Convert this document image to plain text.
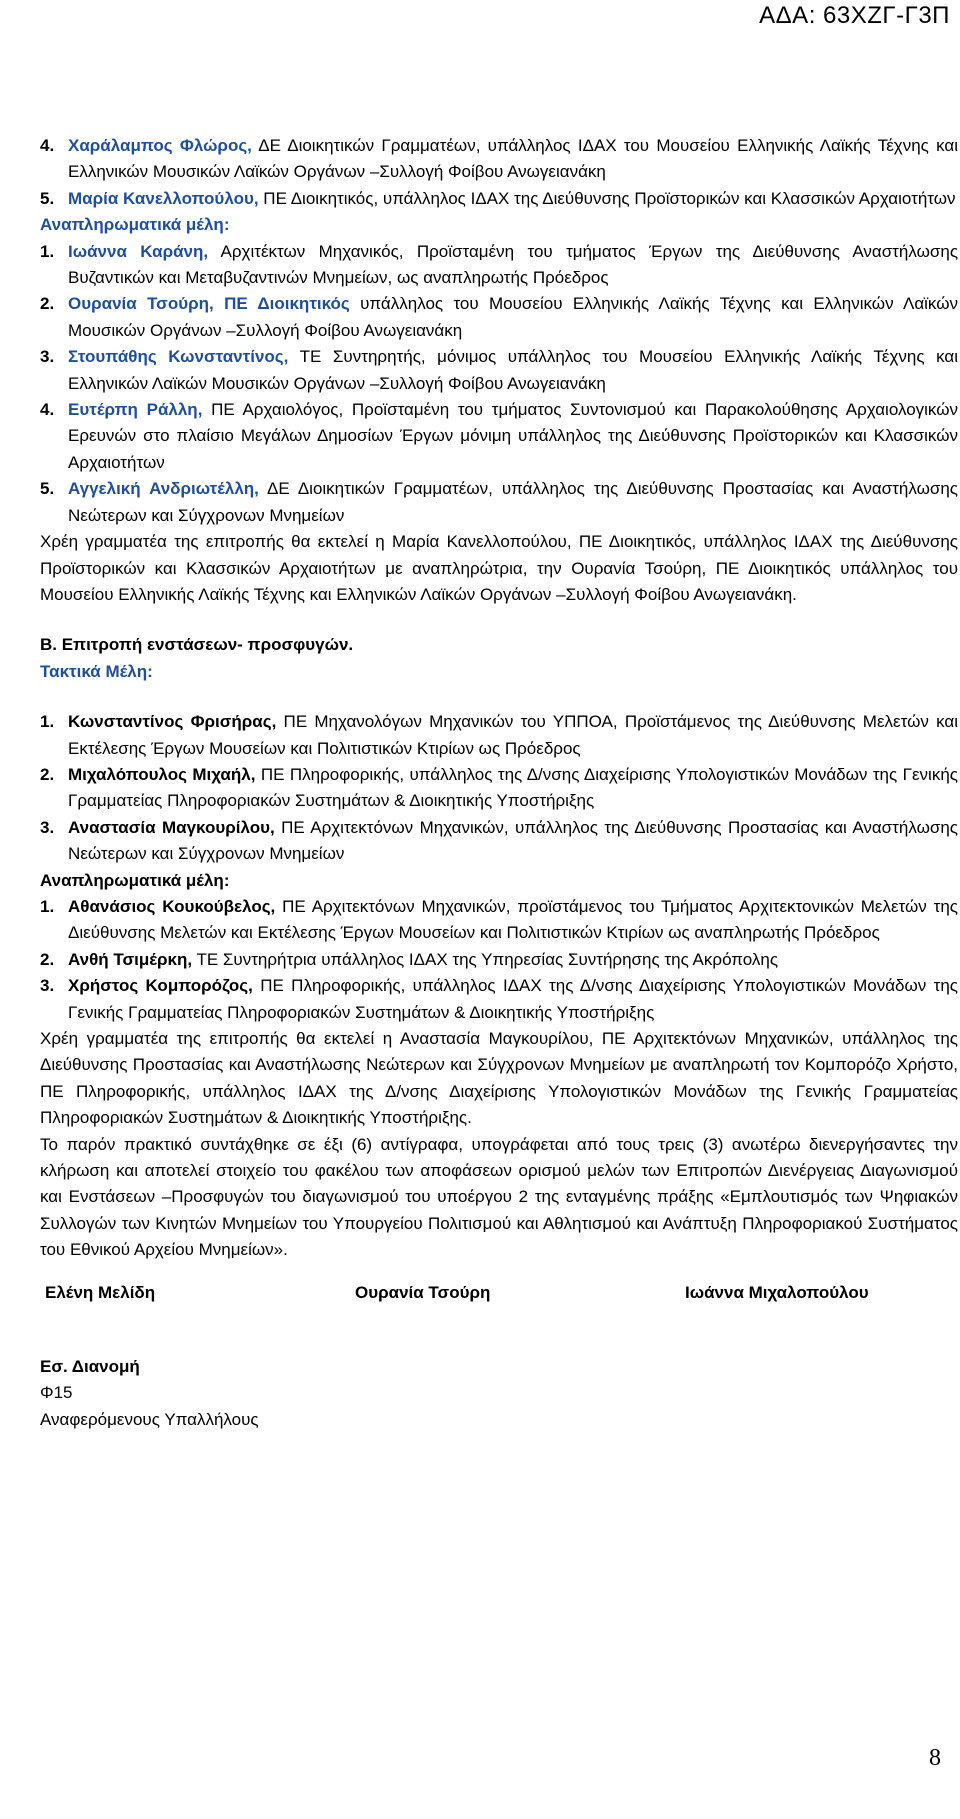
ΑΔΑ: 63ΧΖΓ-Γ3Π
4. Χαράλαμπος Φλώρος, ΔΕ Διοικητικών Γραμματέων, υπάλληλος ΙΔΑΧ του Μουσείου Ελληνικής Λαϊκής Τέχνης και Ελληνικών Μουσικών Λαϊκών Οργάνων –Συλλογή Φοίβου Ανωγειανάκη
5. Μαρία Κανελλοπούλου, ΠΕ Διοικητικός, υπάλληλος ΙΔΑΧ της Διεύθυνσης Προϊστορικών και Κλασσικών Αρχαιοτήτων
Αναπληρωματικά μέλη:
1. Ιωάννα Καράνη, Αρχιτέκτων Μηχανικός, Προϊσταμένη του τμήματος Έργων της Διεύθυνσης Αναστήλωσης Βυζαντικών και Μεταβυζαντινών Μνημείων, ως αναπληρωτής Πρόεδρος
2. Ουρανία Τσούρη, ΠΕ Διοικητικός υπάλληλος του Μουσείου Ελληνικής Λαϊκής Τέχνης και Ελληνικών Λαϊκών Μουσικών Οργάνων –Συλλογή Φοίβου Ανωγειανάκη
3. Στουπάθης Κωνσταντίνος, ΤΕ Συντηρητής, μόνιμος υπάλληλος του Μουσείου Ελληνικής Λαϊκής Τέχνης και Ελληνικών Λαϊκών Μουσικών Οργάνων –Συλλογή Φοίβου Ανωγειανάκη
4. Ευτέρπη Ράλλη, ΠΕ Αρχαιολόγος, Προϊσταμένη του τμήματος Συντονισμού και Παρακολούθησης Αρχαιολογικών Ερευνών στο πλαίσιο Μεγάλων Δημοσίων Έργων μόνιμη υπάλληλος της Διεύθυνσης Προϊστορικών και Κλασσικών Αρχαιοτήτων
5. Αγγελική Ανδριωτέλλη, ΔΕ Διοικητικών Γραμματέων, υπάλληλος της Διεύθυνσης Προστασίας και Αναστήλωσης Νεώτερων και Σύγχρονων Μνημείων
Χρέη γραμματέα της επιτροπής θα εκτελεί η Μαρία Κανελλοπούλου, ΠΕ Διοικητικός, υπάλληλος ΙΔΑΧ της Διεύθυνσης Προϊστορικών και Κλασσικών Αρχαιοτήτων με αναπληρώτρια, την Ουρανία Τσούρη, ΠΕ Διοικητικός υπάλληλος του Μουσείου Ελληνικής Λαϊκής Τέχνης και Ελληνικών Λαϊκών Οργάνων –Συλλογή Φοίβου Ανωγειανάκη.
Β. Επιτροπή ενστάσεων- προσφυγών.
Τακτικά Μέλη:
1. Κωνσταντίνος Φρισήρας, ΠΕ Μηχανολόγων Μηχανικών του ΥΠΠΟΑ, Προϊστάμενος της Διεύθυνσης Μελετών και Εκτέλεσης Έργων Μουσείων και Πολιτιστικών Κτιρίων ως Πρόεδρος
2. Μιχαλόπουλος Μιχαήλ, ΠΕ Πληροφορικής, υπάλληλος της Δ/νσης Διαχείρισης Υπολογιστικών Μονάδων της Γενικής Γραμματείας Πληροφοριακών Συστημάτων & Διοικητικής Υποστήριξης
3. Αναστασία Μαγκουρίλου, ΠΕ Αρχιτεκτόνων Μηχανικών, υπάλληλος της Διεύθυνσης Προστασίας και Αναστήλωσης Νεώτερων και Σύγχρονων Μνημείων
Αναπληρωματικά μέλη:
1. Αθανάσιος Κουκούβελος, ΠΕ Αρχιτεκτόνων Μηχανικών, προϊστάμενος του Τμήματος Αρχιτεκτονικών Μελετών της Διεύθυνσης Μελετών και Εκτέλεσης Έργων Μουσείων και Πολιτιστικών Κτιρίων ως αναπληρωτής Πρόεδρος
2. Ανθή Τσιμέρκη, ΤΕ Συντηρήτρια υπάλληλος ΙΔΑΧ της Υπηρεσίας Συντήρησης της Ακρόπολης
3. Χρήστος Κομπορόζος, ΠΕ Πληροφορικής, υπάλληλος ΙΔΑΧ της Δ/νσης Διαχείρισης Υπολογιστικών Μονάδων της Γενικής Γραμματείας Πληροφοριακών Συστημάτων & Διοικητικής Υποστήριξης
Χρέη γραμματέα της επιτροπής θα εκτελεί η Αναστασία Μαγκουρίλου, ΠΕ Αρχιτεκτόνων Μηχανικών, υπάλληλος της Διεύθυνσης Προστασίας και Αναστήλωσης Νεώτερων και Σύγχρονων Μνημείων με αναπληρωτή τον Κομπορόζο Χρήστο, ΠΕ Πληροφορικής, υπάλληλος ΙΔΑΧ της Δ/νσης Διαχείρισης Υπολογιστικών Μονάδων της Γενικής Γραμματείας Πληροφοριακών Συστημάτων & Διοικητικής Υποστήριξης.
Το παρόν πρακτικό συντάχθηκε σε έξι (6) αντίγραφα, υπογράφεται από τους τρεις (3) ανωτέρω διενεργήσαντες την κλήρωση και αποτελεί στοιχείο του φακέλου των αποφάσεων ορισμού μελών των Επιτροπών Διενέργειας Διαγωνισμού και Ενστάσεων –Προσφυγών του διαγωνισμού του υποέργου 2 της ενταγμένης πράξης «Εμπλουτισμός των Ψηφιακών Συλλογών των Κινητών Μνημείων του Υπουργείου Πολιτισμού και Αθλητισμού και Ανάπτυξη Πληροφοριακού Συστήματος του Εθνικού Αρχείου Μνημείων».
Ελένη Μελίδη	Ουρανία Τσούρη	Ιωάννα Μιχαλοπούλου
Εσ. Διανομή
Φ15
Αναφερόμενους Υπαλλήλους
8
